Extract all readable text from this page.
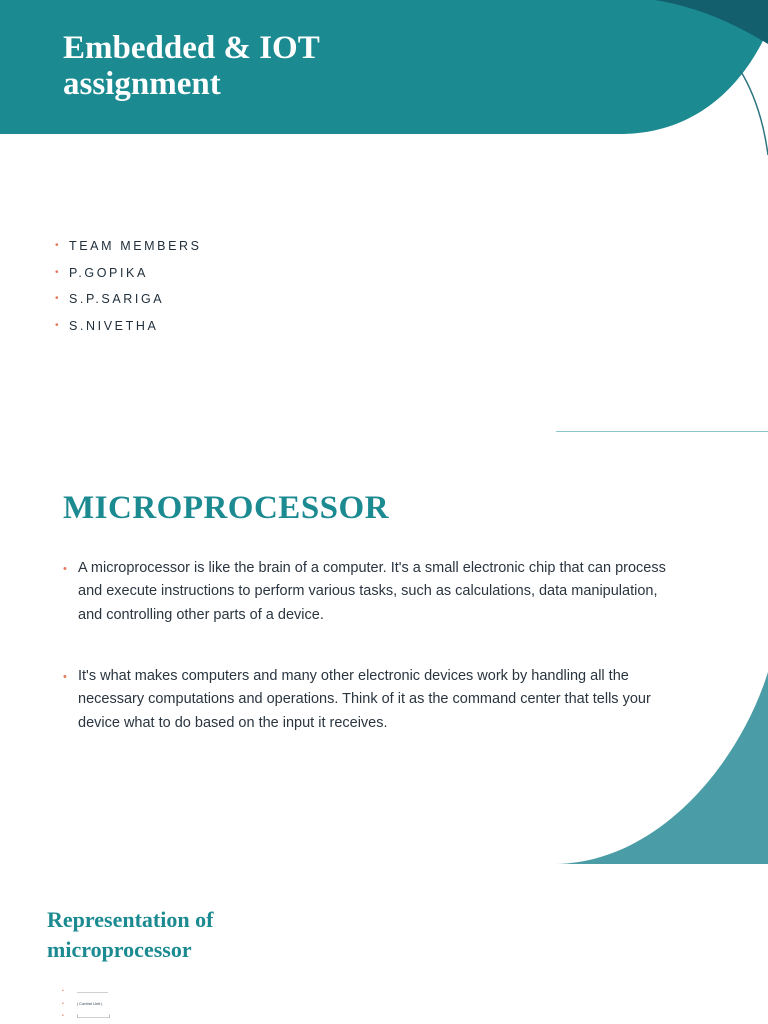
Embedded & IOT assignment
• TEAM MEMBERS
• P.GOPIKA
• S.P.SARIGA
• S.NIVETHA
MICROPROCESSOR

• A microprocessor is like the brain of a computer. It's a small electronic chip that can process and execute instructions to perform various tasks, such as calculations, data manipulation, and controlling other parts of a device.

• It's what makes computers and many other electronic devices work by handling all the necessary computations and operations. Think of it as the command center that tells your device what to do based on the input it receives.

Representation of microprocessor
•	______________
•	| Control Unit |
•	|______________|
